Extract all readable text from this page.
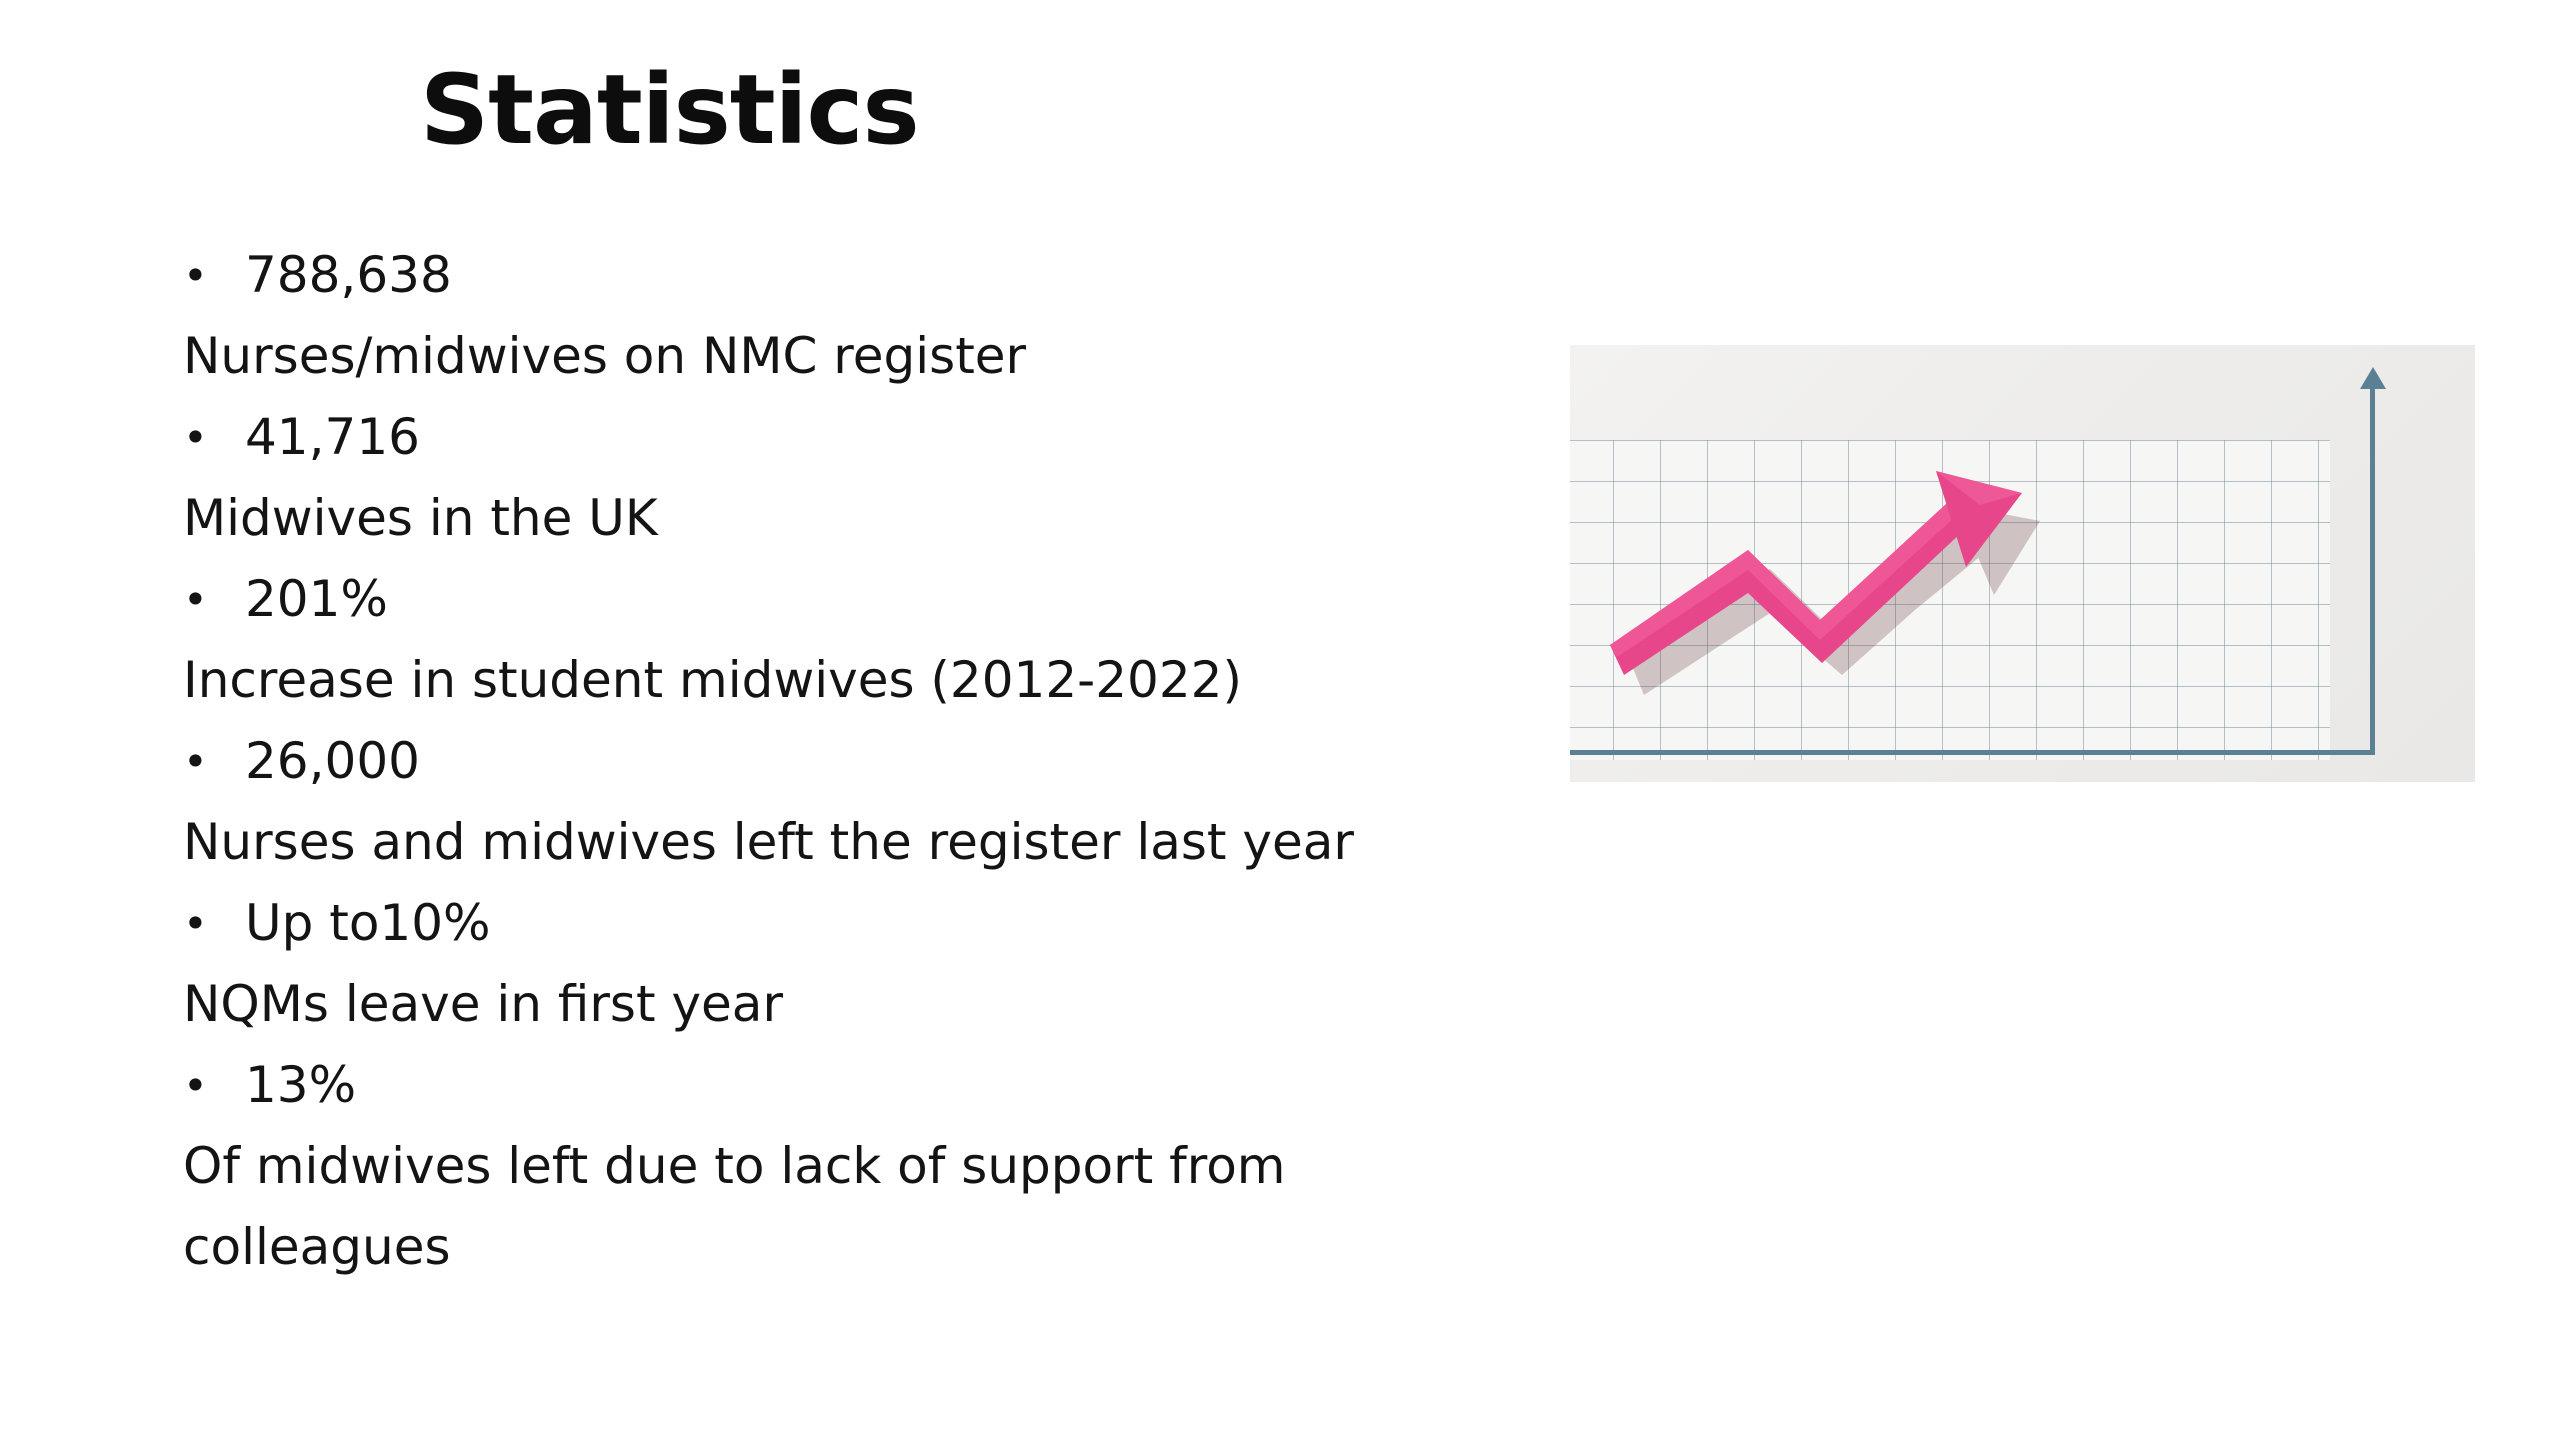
Statistics
• 788,638
Nurses/midwives on NMC register
• 41,716
Midwives in the UK
• 201%
Increase in student midwives (2012-2022)
• 26,000
Nurses and midwives left the register last year
• Up to10%
NQMs leave in first year
• 13%
Of midwives left due to lack of support from colleagues
